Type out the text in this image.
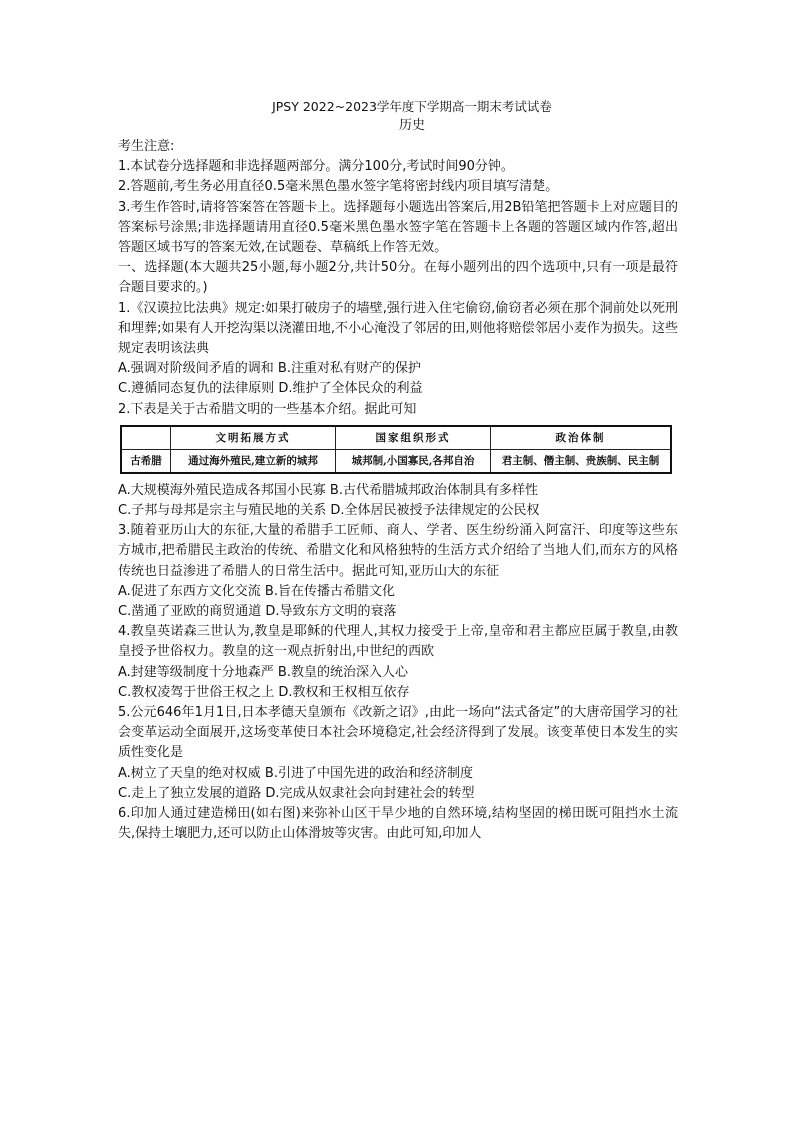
JPSY 2022~2023学年度下学期高一期末考试试卷
历史
考生注意:
1.本试卷分选择题和非选择题两部分。满分100分,考试时间90分钟。
2.答题前,考生务必用直径0.5毫米黑色墨水签字笔将密封线内项目填写清楚。
3.考生作答时,请将答案答在答题卡上。选择题每小题选出答案后,用2B铅笔把答题卡上对应题目的答案标号涂黑;非选择题请用直径0.5毫米黑色墨水签字笔在答题卡上各题的答题区域内作答,超出答题区域书写的答案无效,在试题卷、草稿纸上作答无效。
一、选择题(本大题共25小题,每小题2分,共计50分。在每小题列出的四个选项中,只有一项是最符合题目要求的。)
1.《汉谟拉比法典》规定:如果打破房子的墙壁,强行进入住宅偷窃,偷窃者必须在那个洞前处以死刑和埋葬;如果有人开挖沟渠以浇灌田地,不小心淹没了邻居的田,则他将赔偿邻居小麦作为损失。这些规定表明该法典
A.强调对阶级间矛盾的调和 B.注重对私有财产的保护
C.遵循同态复仇的法律原则 D.维护了全体民众的利益
2.下表是关于古希腊文明的一些基本介绍。据此可知
	文明拓展方式	国家组织形式	政治体制
古希腊	通过海外殖民,建立新的城邦	城邦制,小国寡民,各邦自治	君主制、僭主制、贵族制、民主制
A.大规模海外殖民造成各邦国小民寡 B.古代希腊城邦政治体制具有多样性
C.子邦与母邦是宗主与殖民地的关系 D.全体居民被授予法律规定的公民权
3.随着亚历山大的东征,大量的希腊手工匠师、商人、学者、医生纷纷涌入阿富汗、印度等这些东方城市,把希腊民主政治的传统、希腊文化和风格独特的生活方式介绍给了当地人们,而东方的风格传统也日益渗进了希腊人的日常生活中。据此可知,亚历山大的东征
A.促进了东西方文化交流 B.旨在传播古希腊文化
C.凿通了亚欧的商贸通道 D.导致东方文明的衰落
4.教皇英诺森三世认为,教皇是耶稣的代理人,其权力接受于上帝,皇帝和君主都应臣属于教皇,由教皇授予世俗权力。教皇的这一观点折射出,中世纪的西欧
A.封建等级制度十分地森严 B.教皇的统治深入人心
C.教权凌驾于世俗王权之上 D.教权和王权相互依存
5.公元646年1月1日,日本孝德天皇颁布《改新之诏》,由此一场向“法式备定”的大唐帝国学习的社会变革运动全面展开,这场变革使日本社会环境稳定,社会经济得到了发展。该变革使日本发生的实质性变化是
A.树立了天皇的绝对权威 B.引进了中国先进的政治和经济制度
C.走上了独立发展的道路 D.完成从奴隶社会向封建社会的转型
6.印加人通过建造梯田(如右图)来弥补山区干旱少地的自然环境,结构坚固的梯田既可阻挡水土流失,保持土壤肥力,还可以防止山体滑坡等灾害。由此可知,印加人
